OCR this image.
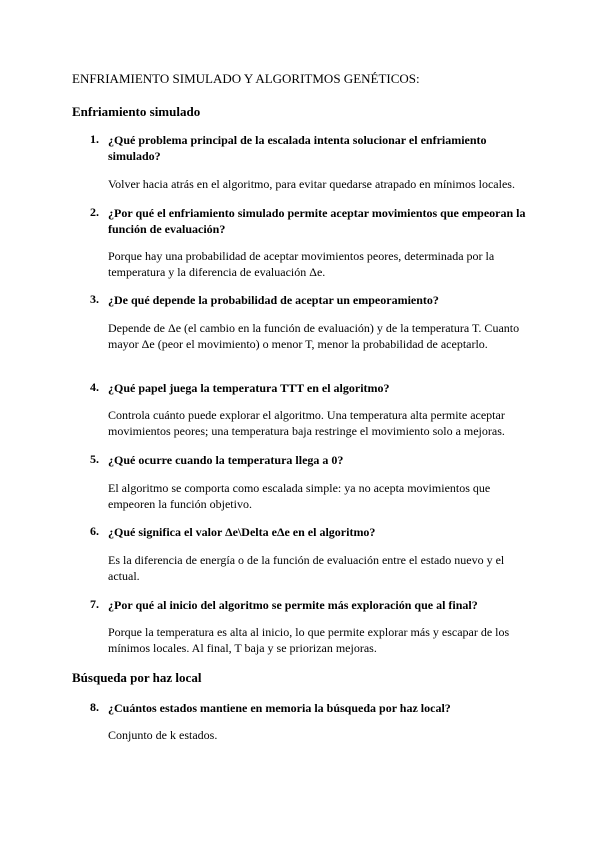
ENFRIAMIENTO SIMULADO Y ALGORITMOS GENÉTICOS:
Enfriamiento simulado
1. ¿Qué problema principal de la escalada intenta solucionar el enfriamiento simulado?
Volver hacia atrás en el algoritmo, para evitar quedarse atrapado en mínimos locales.
2. ¿Por qué el enfriamiento simulado permite aceptar movimientos que empeoran la función de evaluación?
Porque hay una probabilidad de aceptar movimientos peores, determinada por la temperatura y la diferencia de evaluación Δe.
3. ¿De qué depende la probabilidad de aceptar un empeoramiento?
Depende de Δe (el cambio en la función de evaluación) y de la temperatura T. Cuanto mayor Δe (peor el movimiento) o menor T, menor la probabilidad de aceptarlo.
4. ¿Qué papel juega la temperatura TTT en el algoritmo?
Controla cuánto puede explorar el algoritmo. Una temperatura alta permite aceptar movimientos peores; una temperatura baja restringe el movimiento solo a mejoras.
5. ¿Qué ocurre cuando la temperatura llega a 0?
El algoritmo se comporta como escalada simple: ya no acepta movimientos que empeoren la función objetivo.
6. ¿Qué significa el valor Δe\Delta eΔe en el algoritmo?
Es la diferencia de energía o de la función de evaluación entre el estado nuevo y el actual.
7. ¿Por qué al inicio del algoritmo se permite más exploración que al final?
Porque la temperatura es alta al inicio, lo que permite explorar más y escapar de los mínimos locales. Al final, T baja y se priorizan mejoras.
Búsqueda por haz local
8. ¿Cuántos estados mantiene en memoria la búsqueda por haz local?
Conjunto de k estados.
